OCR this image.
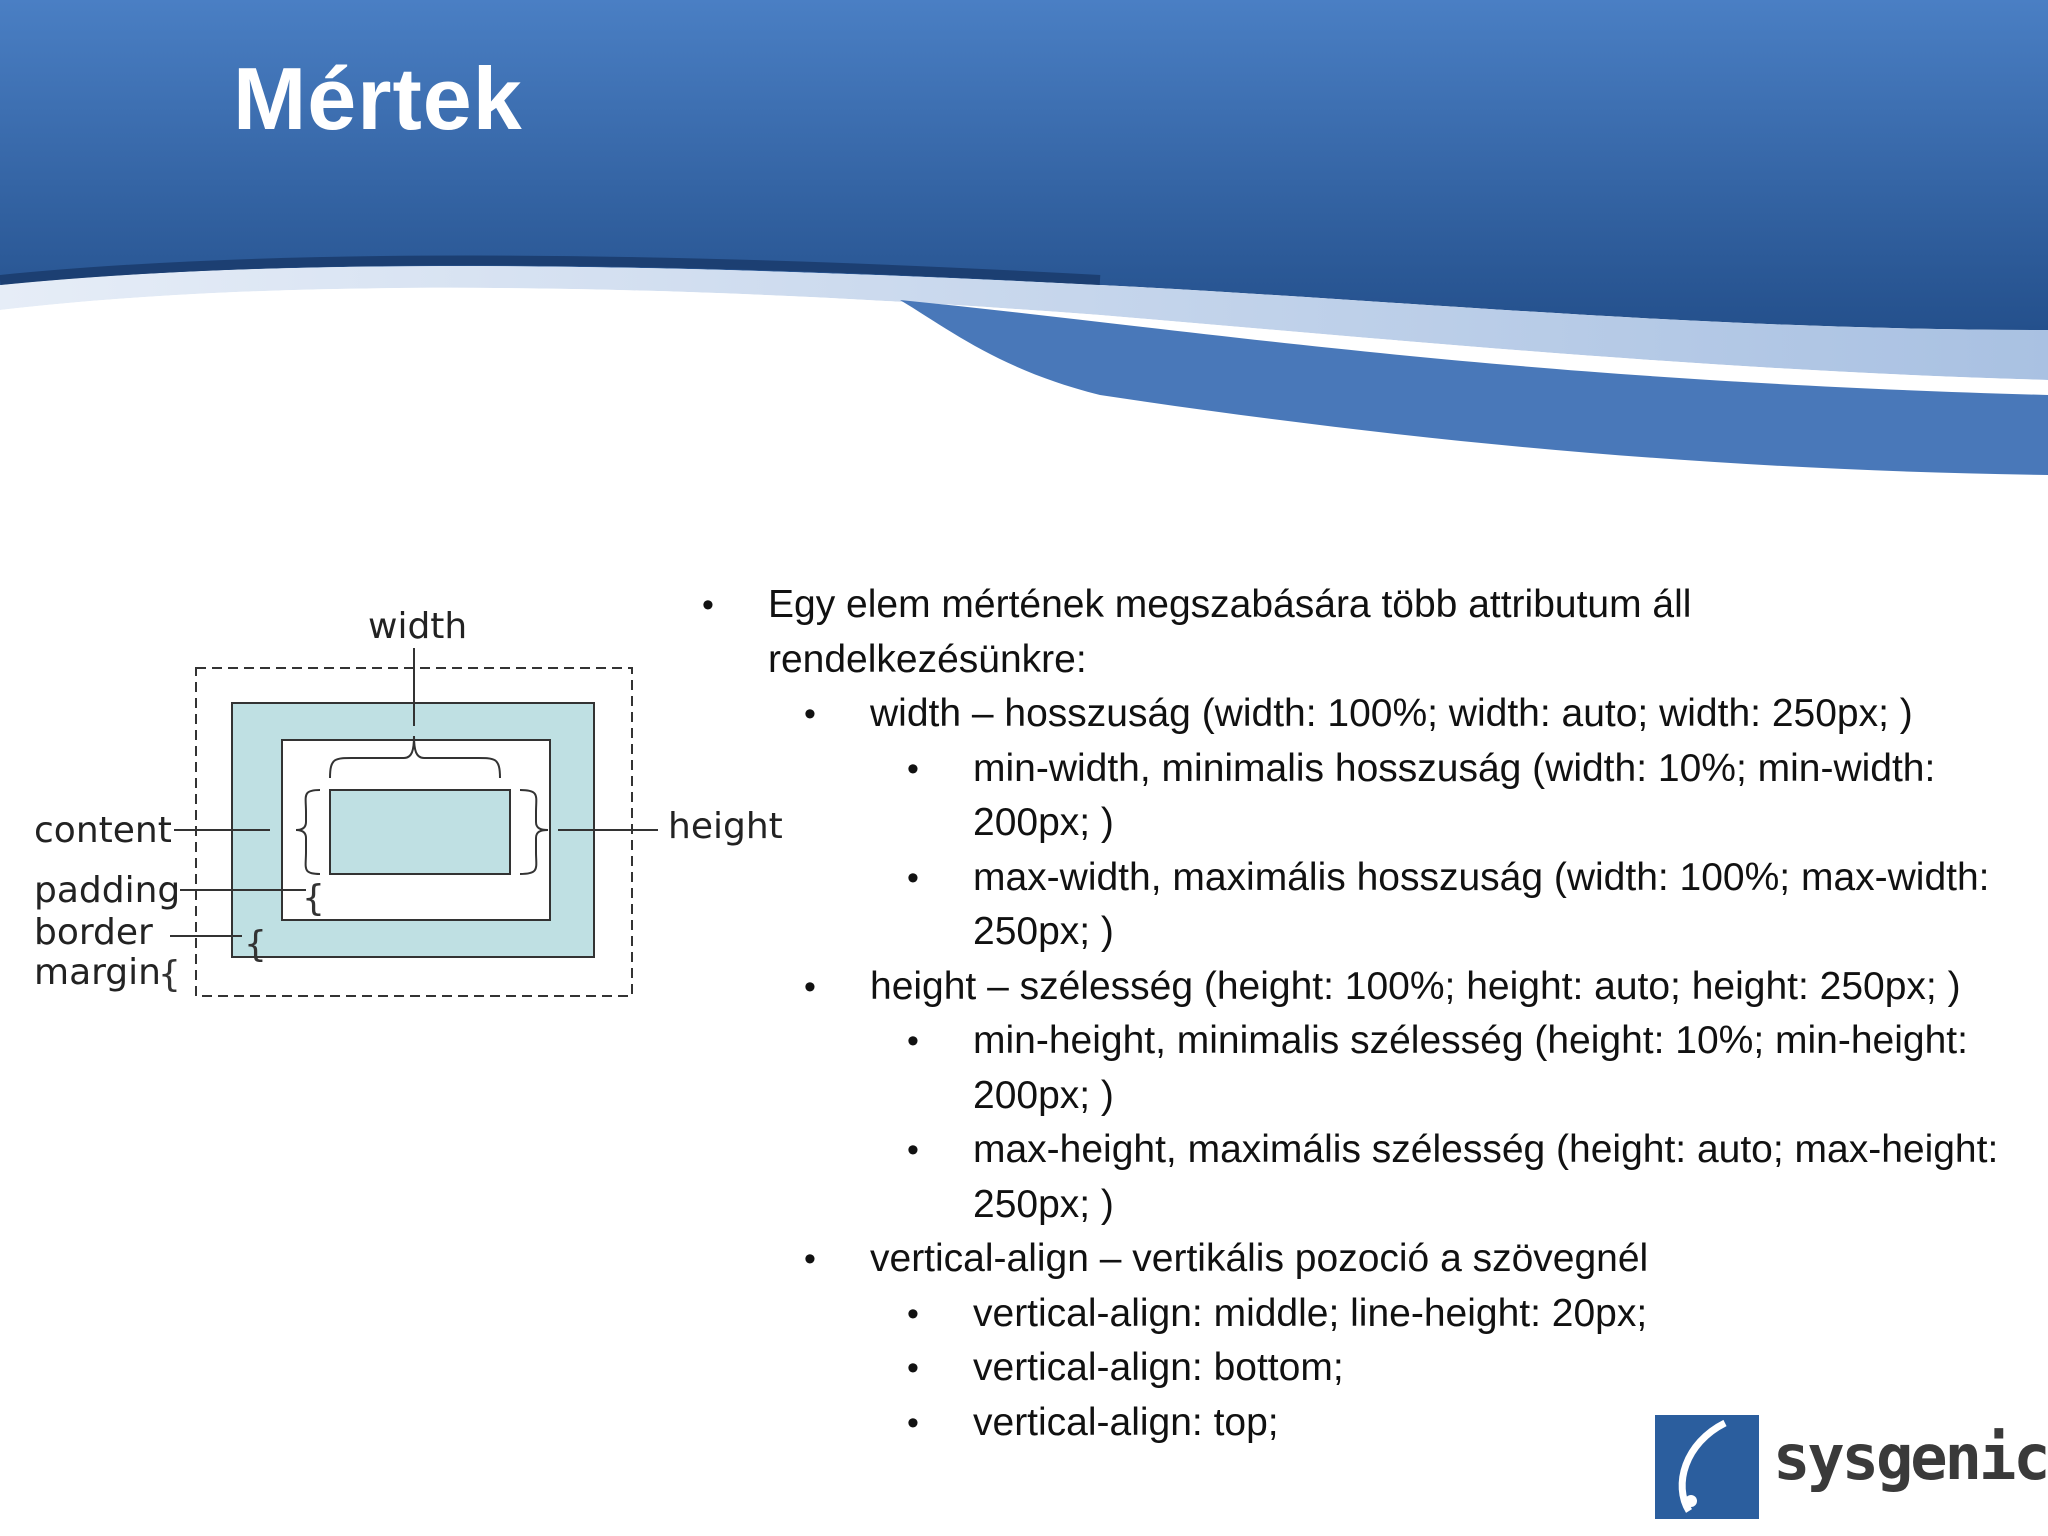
Mértek
width
height
content
padding	{
border	{
margin
{
• Egy elem mértének megszabására több attributum áll rendelkezésünkre:
• width – hosszuság (width: 100%; width: auto; width: 250px; )
• min-width, minimalis hosszuság (width: 10%; min-width: 200px; )
• max-width, maximális hosszuság (width: 100%; max-width: 250px; )
• height – szélesség (height: 100%; height: auto; height: 250px; )
• min-height, minimalis szélesség (height: 10%; min-height: 200px; )
• max-height, maximális szélesség (height: auto; max-height: 250px; )
• vertical-align – vertikális pozoció a szövegnél
• vertical-align: middle; line-height: 20px;
• vertical-align: bottom;
• vertical-align: top;	sysgenic
